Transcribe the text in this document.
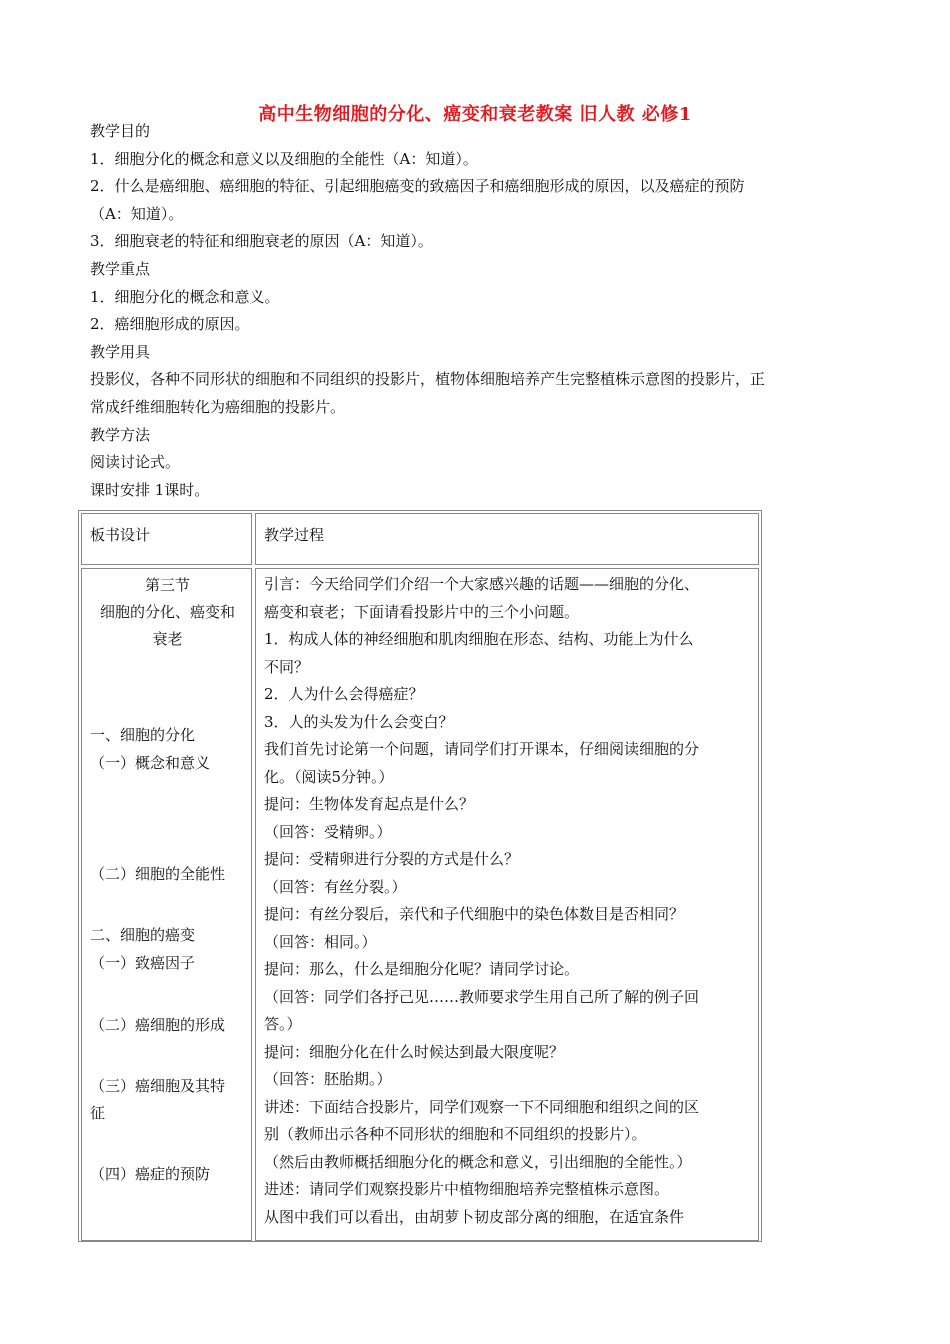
高中生物细胞的分化、癌变和衰老教案 旧人教 必修1

教学目的

1．细胞分化的概念和意义以及细胞的全能性（A：知道）。

2．什么是癌细胞、癌细胞的特征、引起细胞癌变的致癌因子和癌细胞形成的原因，以及癌症的预防

（A：知道）。

3．细胞衰老的特征和细胞衰老的原因（A：知道）。

教学重点

1．细胞分化的概念和意义。

2．癌细胞形成的原因。

教学用具

投影仪，各种不同形状的细胞和不同组织的投影片，植物体细胞培养产生完整植株示意图的投影片，正

常成纤维细胞转化为癌细胞的投影片。

教学方法

阅读讨论式。

课时安排 1课时。

板书设计	教学过程
第三节
细胞的分化、癌变和
衰老
一、细胞的分化
（一）概念和意义
（二）细胞的全能性
二、细胞的癌变
（一）致癌因子
（二）癌细胞的形成
（三）癌细胞及其特
征
（四）癌症的预防

引言：今天给同学们介绍一个大家感兴趣的话题——细胞的分化、

癌变和衰老；下面请看投影片中的三个小问题。

1．构成人体的神经细胞和肌肉细胞在形态、结构、功能上为什么

不同？

2．人为什么会得癌症？

3．人的头发为什么会变白？

我们首先讨论第一个问题，请同学们打开课本，仔细阅读细胞的分

化。（阅读5分钟。）

提问：生物体发育起点是什么？

（回答：受精卵。）

提问：受精卵进行分裂的方式是什么？

（回答：有丝分裂。）

提问：有丝分裂后，亲代和子代细胞中的染色体数目是否相同？

（回答：相同。）

提问：那么，什么是细胞分化呢？请同学讨论。

（回答：同学们各抒己见……教师要求学生用自己所了解的例子回

答。）

提问：细胞分化在什么时候达到最大限度呢？

（回答：胚胎期。）

讲述：下面结合投影片，同学们观察一下不同细胞和组织之间的区

别（教师出示各种不同形状的细胞和不同组织的投影片）。

（然后由教师概括细胞分化的概念和意义，引出细胞的全能性。）

进述：请同学们观察投影片中植物细胞培养完整植株示意图。

从图中我们可以看出，由胡萝卜韧皮部分离的细胞，在适宜条件
